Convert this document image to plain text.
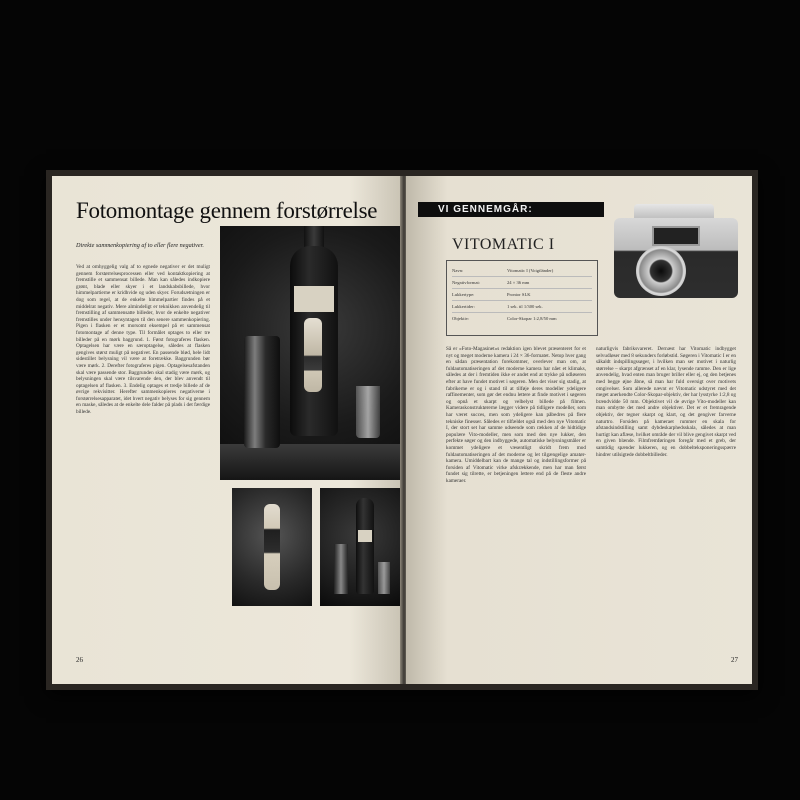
Fotomontage gennem forstørrelse
Direkte sammenkopiering af to eller flere negativer.
Ved at omhyggelig valg af to egnede negativer er det muligt gennem forstørrelsesprocessen eller ved kontaktkopiering at fremstille et sammensat billede. Man kan således indkopiere grønt, blade eller skyer i et landskabsbillede, hvor himmelpartierne er kridhvide og uden skyer. Forudsætningen er dog som regel, at de enkelte himmelpartier findes på et middelrat negativ. Mere almindeligt er teknikken anvendelig til fremstilling af sammensatte billeder, hvor de enkelte negativer fremstilles under hensyntagen til den senere sammenkopiering. Pigen i flasken er et morsomt eksempel på et sammensat fotomontage af denne type. Til formålet optages to eller tre billeder på en mørk baggrund. 1. Først fotograferes flasken. Optagelsen har være en særoptagelse, således at flasken gengives størst muligt på negativet. En passende blød, hele lidt sidestillet belysning vil være at foretrække. Baggrunden bør være mørk. 2. Derefter fotograferes pigen. Optagelsesafstanden skal være passende stor. Baggrunden skal stadig være mørk, og belysningen skal være tilsvarende den, der blev anvendt til optagelsen af flasken. 3. Endelig optages et tredje billede af de øvrige rekvisitter. Herefter sammenkopieres negativerne i forstørrelsesapparatet, idet hvert negativ belyses for sig gennem en maske, således at de enkelte dele falder på plads i det færdige billede.
26
VI GENNEMGÅR:
VITOMATIC I
Navn:	Vitomatic I (Voigtländer)
Negativformat:	24 × 36 mm
Lukkertype:	Prontor SLK
Lukkertider:	1 sek. til 1/300 sek.
Objektiv:	Color-Skopar 1:2,8/50 mm
Så er »Foto-Magasinet«s redaktion igen blevet præsenteret for et nyt og meget moderne kamera i 24 × 36-formatet. Netop hver gang en sådan præsentation forekommer, overlever man om, at fuldautomatiseringen af det moderne kamera har nået et klimaks, således at der i fremtiden ikke er andet end at trykke på udløseren efter at have fundet motivet i søgeren. Men det viser sig stadig, at fabrikerne er og i stand til at tilføje deres modeller ydeligere raffinementer, som gør det endnu lettere at finde motivet i søgeren og opnå et skarpt og velbelyst billede på filmen. Kameraskonstruktørerne lægger videre på tidligere modeller, som har været succes, men som ydeligere kan påbedres på flere tekniske finesser. Således er tilfældet også med den nye Vitomatic I, der stort set har samme udseende som rækken af de hidtidige populære Vito-modeller, men som med den nye lukker, den perfekte søger og den indbyggede, automatiske belysningsmåler er kommet ydeligere et væsentligt skridt frem mod fuldautomatiseringen af det moderne og let tilgængelige amatør-kamera. Umiddelbart kan de mange tal og indstillingsformer på forsiden af Vitomatic virke afskrækkende, men har man først fundet sig tilrette, er betjeningen lettere end på de fleste andre kameraer.
naturligvis fabriksvareret. Dernæst har Vitomatic indbygget selvudløser med 8 sekunders forløbstid. Søgeren i Vitomatic I er en såkaldt indspillingssøger, i hvilken man ser motivet i naturlig størrelse – skarpt afgrænset af en klar, lysende ramme. Den er lige anvendelig, hvad enten man bruger briller eller ej, og den betjenes med begge øjne åbne, så man har fuld oversigt over motivets omgivelser. Som allerede nævnt er Vitomatic udstyret med det meget anerkendte Color-Skopar-objektiv, der har lysstyrke 1:2,8 og brændvidde 50 mm. Objektivet vil de øvrige Vito-modeller kan man ombytte det med andre objektiver. Det er et fremragende objektiv, der tegner skarpt og klart, og det gengiver farverne naturtro. Forsiden på kameraet rummer en skala for afstandsindstilling samt dybdeskarphedsskala, således at man hurtigt kan aflæse, hvilket område der vil blive gengivet skarpt ved en given blænde. Filmfremføringen foregår med et greb, der samtidig spænder lukkeren, og en dobbelteksponeringsspærre hindrer utilsigtede dobbeltbilleder.
27
